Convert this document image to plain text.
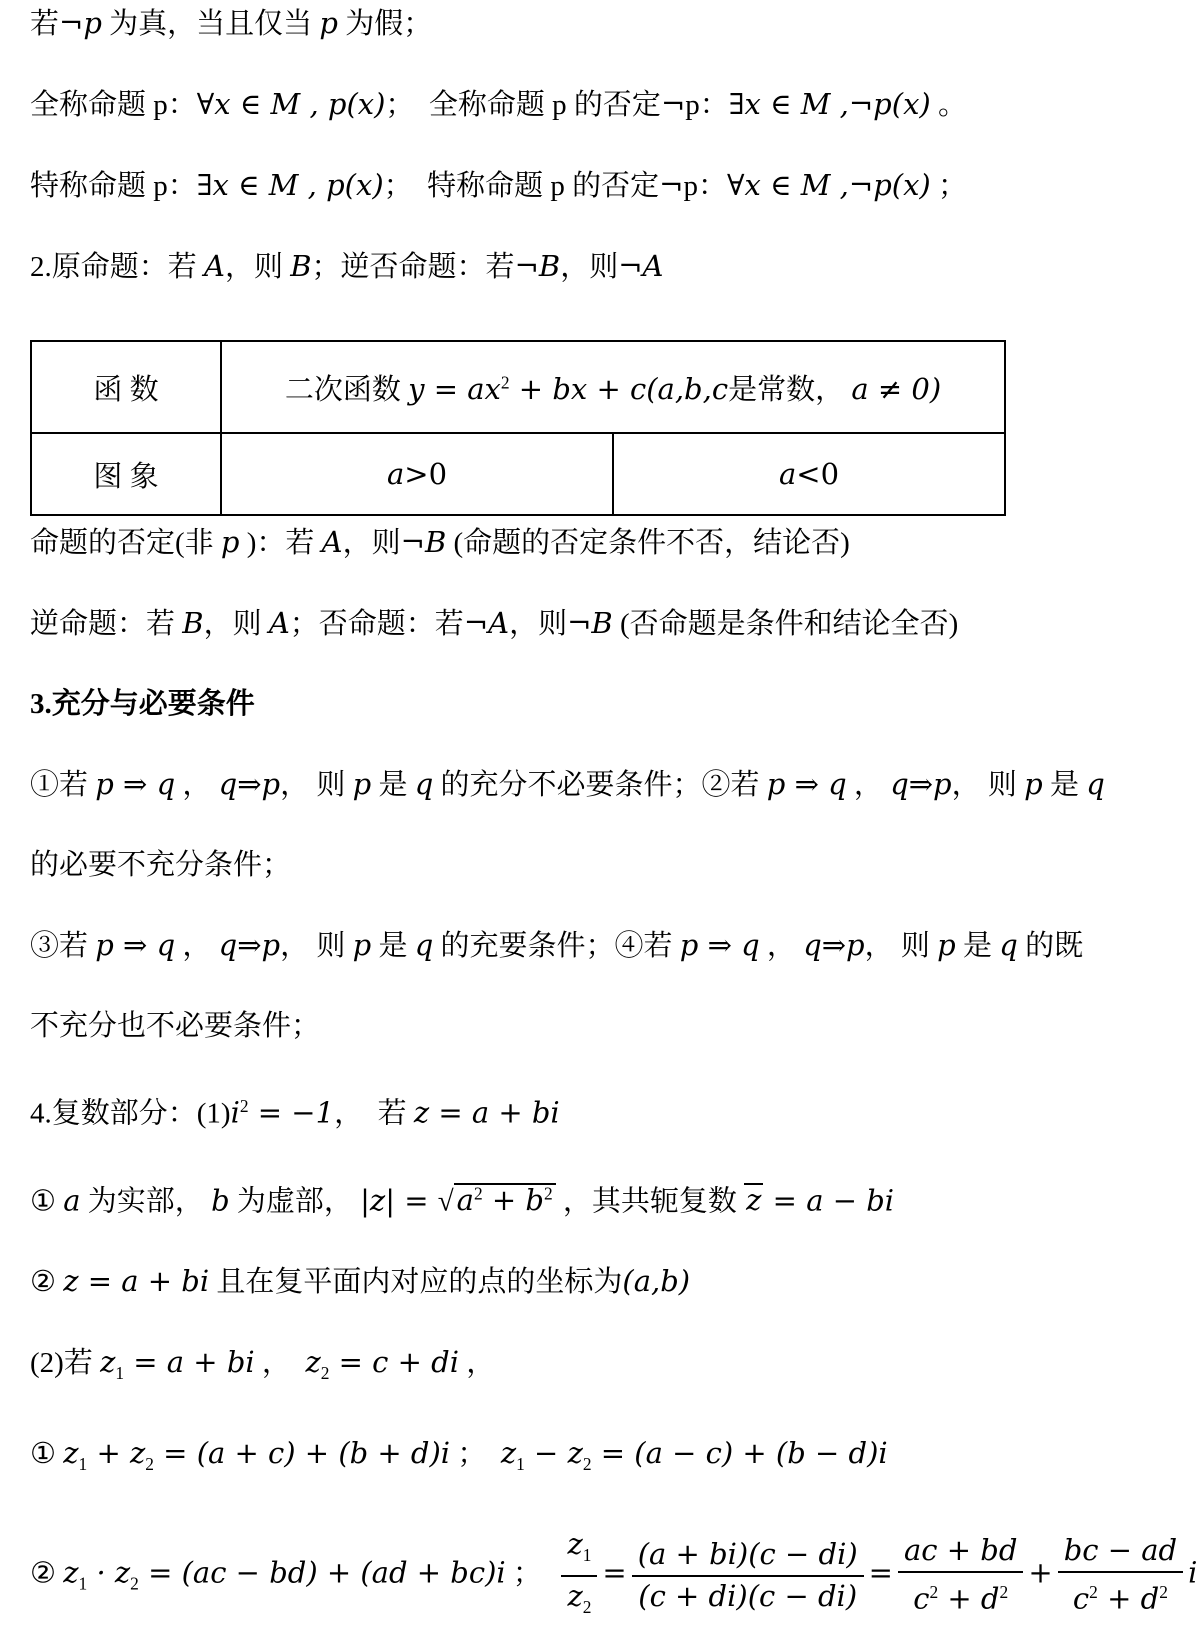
若¬p 为真，当且仅当 p 为假；

全称命题 p：∀x ∈ M , p(x)；  全称命题 p 的否定¬p：∃x ∈ M ,¬p(x) 。

特称命题 p：∃x ∈ M , p(x)；  特称命题 p 的否定¬p：∀x ∈ M ,¬p(x) ；

2.原命题：若 A，则 B；逆否命题：若¬B，则¬A

函 数	二次函数 $y = ax^2$ + bx + c(a,b,c是常数， a ≠ 0)	
图 象	a>0	a<0

命题的否定(非 p )：若 A，则¬B (命题的否定条件不否，结论否)

逆命题：若 B，则 A；否命题：若¬A，则¬B (否命题是条件和结论全否)

3.充分与必要条件

①若 p ⇒ q ， q⇒p， 则 p 是 q 的充分不必要条件；②若 p ⇒ q ， q⇒p， 则 p 是 q

的必要不充分条件；

③若 p ⇒ q ， q⇒p， 则 p 是 q 的充要条件；④若 p ⇒ q ， q⇒p， 则 p 是 q 的既

不充分也不必要条件；

4.复数部分：$(1)i^2 = -1$，  若 z = a + bi

① a 为实部， b 为虚部， |z| = √ $a^2 + b^2$ ，其共轭复数 z = a − bi

② z = a + bi 且在复平面内对应的点的坐标为(a,b)

(2)若 $z_1 = a$ + bi ，  $z_2 = c$ + di ，

① $z_1 + z_2 = (a + c) + (b + d)i$ ；  $z_1 - z_2 = (a - c) + (b - d)i$

② $z_1 \cdot z_2 = (ac - bd) + (ad + bc)i$ ； $\frac{z_1}{z_2} = \frac{(a + bi)(c - di)}{(c + di)(c - di)} = \frac{ac + bd}{c^2 + d^2} + \frac{bc - ad}{c^2 + d^2}$ i
